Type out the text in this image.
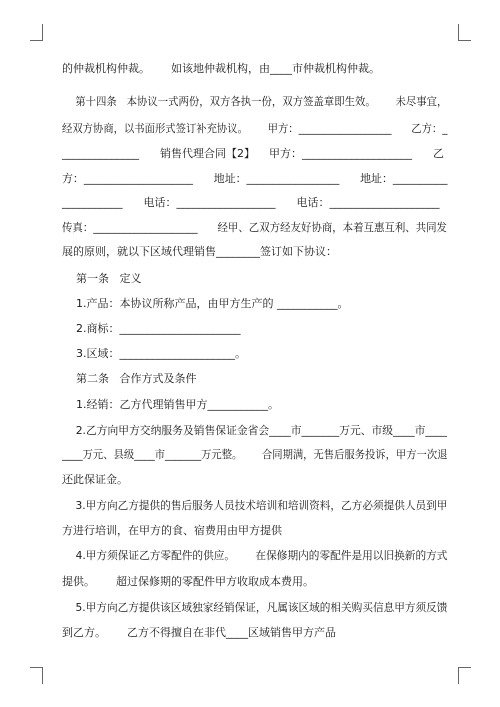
的仲裁机构仲裁。      如该地仲裁机构，由____市仲裁机构仲裁。
第十四条   本协议一式两份，双方各执一份，双方签盖章即生效。      未尽事宜，
经双方协商，以书面形式签订补充协议。      甲方：__________________      乙方：_
______________      销售代理合同【2】    甲方：____________________      乙
方：____________________      地址：_________________      地址：__________
___________      电话：__________________      电话：____________________
传真：____________________      经甲、乙双方经友好协商，本着互惠互利、共同发
展的原则，就以下区域代理销售________签订如下协议：
第一条   定义
1.产品：本协议所称产品，由甲方生产的 ___________。
2.商标：______________________
3.区域：_____________________。
第二条   合作方式及条件
1.经销：乙方代理销售甲方___________。
2.乙方向甲方交纳服务及销售保证金省会____市_______万元、市级____市____
____万元、县级____市_______万元整。      合同期满，无售后服务投诉，甲方一次退
还此保证金。
3.甲方向乙方提供的售后服务人员技术培训和培训资料，乙方必须提供人员到甲
方进行培训，在甲方的食、宿费用由甲方提供
4.甲方须保证乙方零配件的供应。      在保修期内的零配件是用以旧换新的方式
提供。      超过保修期的零配件甲方收取成本费用。
5.甲方向乙方提供该区域独家经销保证，凡属该区域的相关购买信息甲方须反馈
到乙方。      乙方不得擅自在非代____区域销售甲方产品
